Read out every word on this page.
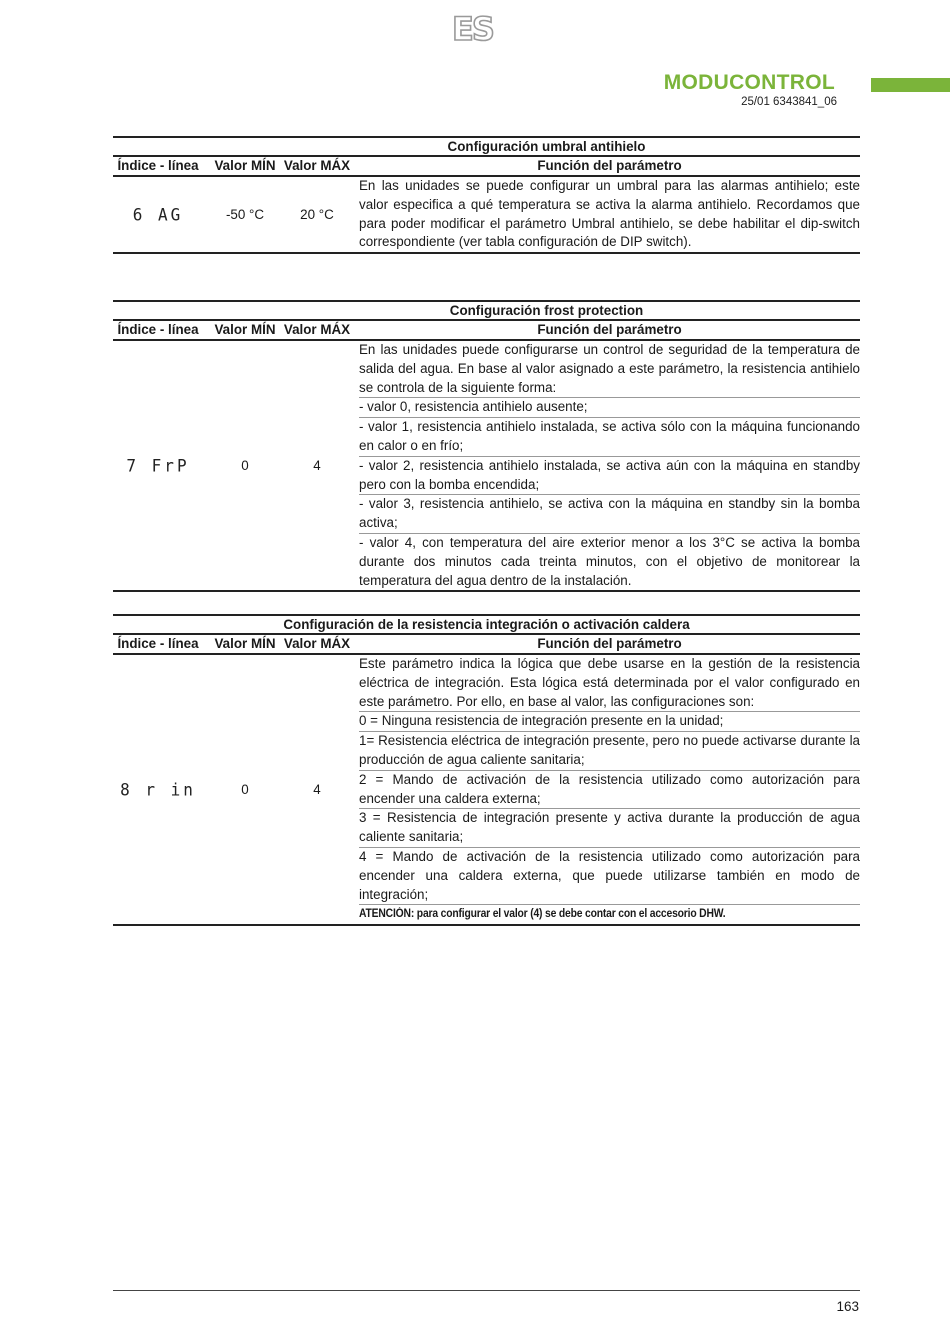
ES
MODUCONTROL
25/01 6343841_06
Configuración umbral antihielo
Índice - línea	Valor MÍN Valor MÁX	Función del parámetro
6 AG	-50 °C	20 °C
En las unidades se puede configurar un umbral para las alarmas antihielo; este valor especifica a qué temperatura se activa la alarma antihielo. Recordamos que para poder modificar el parámetro Umbral antihielo, se debe habilitar el dip-switch correspondiente (ver tabla configuración de DIP switch).
Configuración frost protection
Índice - línea	Valor MÍN Valor MÁX	Función del parámetro
7 FrP	0	4
En las unidades puede configurarse un control de seguridad de la temperatura de salida del agua. En base al valor asignado a este parámetro, la resistencia antihielo se controla de la siguiente forma:
- valor 0, resistencia antihielo ausente;
- valor 1, resistencia antihielo instalada, se activa sólo con la máquina funcionando en calor o en frío;
- valor 2, resistencia antihielo instalada, se activa aún con la máquina en standby pero con la bomba encendida;
- valor 3, resistencia antihielo, se activa con la máquina en standby sin la bomba activa;
- valor 4, con temperatura del aire exterior menor a los 3°C se activa la bomba durante dos minutos cada treinta minutos, con el objetivo de monitorear la temperatura del agua dentro de la instalación.
Configuración de la resistencia integración o activación caldera
Índice - línea	Valor MÍN Valor MÁX	Función del parámetro
8 r in	0	4
Este parámetro indica la lógica que debe usarse en la gestión de la resistencia eléctrica de integración. Esta lógica está determinada por el valor configurado en este parámetro. Por ello, en base al valor, las configuraciones son:
0 = Ninguna resistencia de integración presente en la unidad;
1= Resistencia eléctrica de integración presente, pero no puede activarse durante la producción de agua caliente sanitaria;
2 = Mando de activación de la resistencia utilizado como autorización para encender una caldera externa;
3 = Resistencia de integración presente y activa durante la producción de agua caliente sanitaria;
4 = Mando de activación de la resistencia utilizado como autorización para encender una caldera externa, que puede utilizarse también en modo de integración;
ATENCIÓN: para configurar el valor (4) se debe contar con el accesorio DHW.
163
